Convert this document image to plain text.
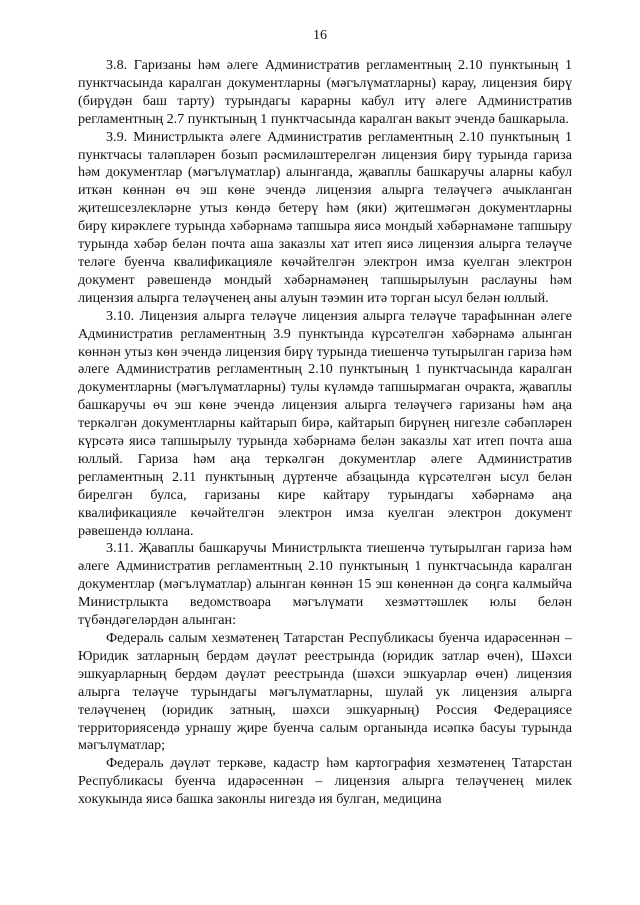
16

3.8. Гаризаны һәм әлеге Административ регламентның 2.10 пунктының 1 пунктчасында каралган документларны (мәгълүматларны) карау, лицензия бирү (бирүдән баш тарту) турындагы карарны кабул итү әлеге Административ регламентның 2.7 пунктының 1 пунктчасында каралган вакыт эчендә башкарыла.

3.9. Министрлыкта әлеге Административ регламентның 2.10 пунктының 1 пунктчасы таләпләрен бозып рәсмиләштерелгән лицензия бирү турында гариза һәм документлар (мәгълүматлар) алынганда, җаваплы башкаручы аларны кабул иткән көннән өч эш көне эчендә лицензия алырга теләүчегә ачыкланган җитешсезлекләрне утыз көндә бетерү һәм (яки) җитешмәгән документларны бирү кирәклеге турында хәбәрнамә тапшыра яисә мондый хәбәрнамәне тапшыру турында хәбәр белән почта аша заказлы хат итеп яисә лицензия алырга теләүче теләге буенча квалификацияле көчәйтелгән электрон имза куелган электрон документ рәвешендә мондый хәбәрнамәнең тапшырылуын раслауны һәм лицензия алырга теләүченең аны алуын тәэмин итә торган ысул белән юллый.

3.10. Лицензия алырга теләүче лицензия алырга теләүче тарафыннан әлеге Административ регламентның 3.9 пунктында күрсәтелгән хәбәрнамә алынган көннән утыз көн эчендә лицензия бирү турында тиешенчә тутырылган гариза һәм әлеге Административ регламентның 2.10 пунктының 1 пунктчасында каралган документларны (мәгълүматларны) тулы күләмдә тапшырмаган очракта, җаваплы башкаручы өч эш көне эчендә лицензия алырга теләүчегә гаризаны һәм аңа теркәлгән документларны кайтарып бирә, кайтарып бирүнең нигезле сәбәпләрен күрсәтә яисә тапшырылу турында хәбәрнамә белән заказлы хат итеп почта аша юллый. Гариза һәм аңа теркәлгән документлар әлеге Административ регламентның 2.11 пунктының дүртенче абзацында күрсәтелгән ысул белән бирелгән булса, гаризаны кире кайтару турындагы хәбәрнамә аңа квалификацияле көчәйтелгән электрон имза куелган электрон документ рәвешендә юллана.

3.11. Җаваплы башкаручы Министрлыкта тиешенчә тутырылган гариза һәм әлеге Административ регламентның 2.10 пунктының 1 пунктчасында каралган документлар (мәгълүматлар) алынган көннән 15 эш көненнән дә соңга калмыйча Министрлыкта ведомствоара мәгълүмати хезмәттәшлек юлы белән түбәндәгеләрдән алынган:

Федераль салым хезмәтенең Татарстан Республикасы буенча идарәсеннән – Юридик затларның бердәм дәүләт реестрында (юридик затлар өчен), Шәхси эшкуарларның бердәм дәүләт реестрында (шәхси эшкуарлар өчен) лицензия алырга теләүче турындагы мәгълүматларны, шулай ук лицензия алырга теләүченең (юридик затның, шәхси эшкуарның) Россия Федерациясе территориясендә урнашу җире буенча салым органында исәпкә басуы турында мәгълүматлар;

Федераль дәүләт теркәве, кадастр һәм картография хезмәтенең Татарстан Республикасы буенча идарәсеннән – лицензия алырга теләүченең милек хокукында яисә башка законлы нигездә ия булган, медицина
